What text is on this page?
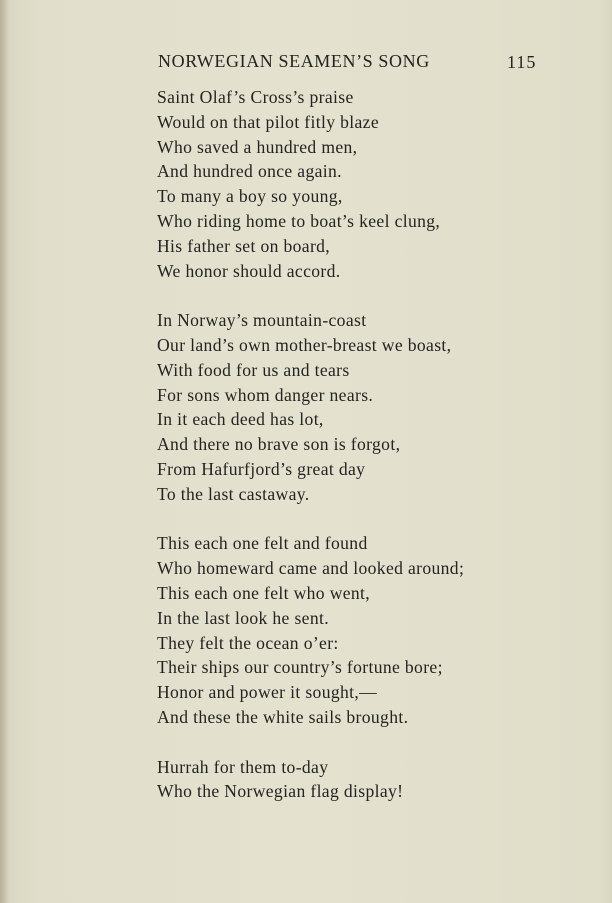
NORWEGIAN SEAMEN’S SONG	115
Saint Olaf’s Cross’s praise
Would on that pilot fitly blaze
Who saved a hundred men,
And hundred once again.
To many a boy so young,
Who riding home to boat’s keel clung,
His father set on board,
We honor should accord.
In Norway’s mountain-coast
Our land’s own mother-breast we boast,
With food for us and tears
For sons whom danger nears.
In it each deed has lot,
And there no brave son is forgot,
From Hafurfjord’s great day
To the last castaway.
This each one felt and found
Who homeward came and looked around;
This each one felt who went,
In the last look he sent.
They felt the ocean o’er:
Their ships our country’s fortune bore;
Honor and power it sought,—
And these the white sails brought.
Hurrah for them to-day
Who the Norwegian flag display!
